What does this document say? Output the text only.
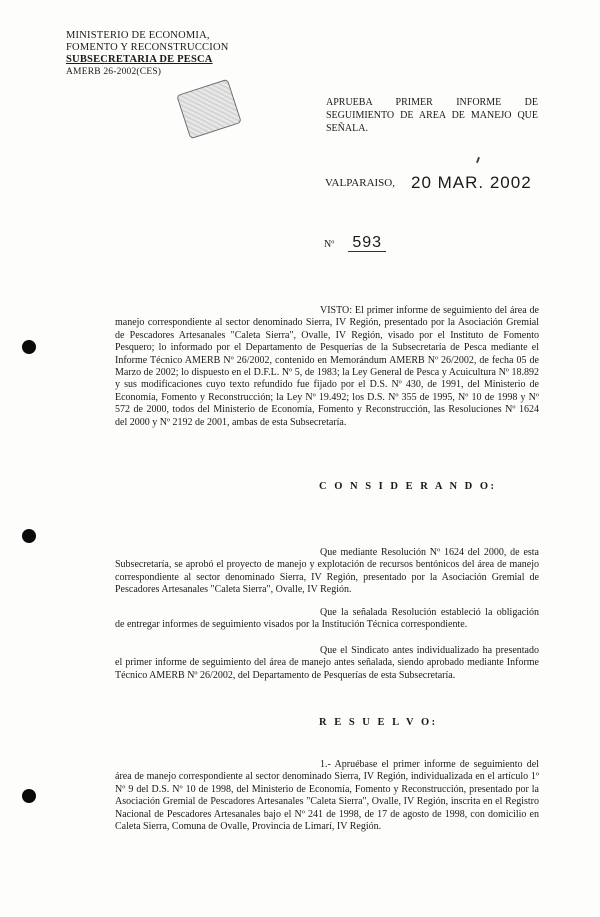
MINISTERIO DE ECONOMIA,
FOMENTO Y RECONSTRUCCION
SUBSECRETARIA DE PESCA
AMERB 26-2002(CES)
APRUEBA PRIMER INFORME DE SEGUIMIENTO DE AREA DE MANEJO QUE SEÑALA.
VALPARAISO, 20 MAR. 2002
Nº 593
VISTO: El primer informe de seguimiento del área de manejo correspondiente al sector denominado Sierra, IV Región, presentado por la Asociación Gremial de Pescadores Artesanales "Caleta Sierra", Ovalle, IV Región, visado por el Instituto de Fomento Pesquero; lo informado por el Departamento de Pesquerías de la Subsecretaría de Pesca mediante el Informe Técnico AMERB Nº 26/2002, contenido en Memorándum AMERB Nº 26/2002, de fecha 05 de Marzo de 2002; lo dispuesto en el D.F.L. Nº 5, de 1983; la Ley General de Pesca y Acuicultura Nº 18.892 y sus modificaciones cuyo texto refundido fue fijado por el D.S. Nº 430, de 1991, del Ministerio de Economía, Fomento y Reconstrucción; la Ley Nº 19.492; los D.S. Nº 355 de 1995, Nº 10 de 1998 y Nº 572 de 2000, todos del Ministerio de Economía, Fomento y Reconstrucción, las Resoluciones Nº 1624 del 2000 y Nº 2192 de 2001, ambas de esta Subsecretaría.
C O N S I D E R A N D O:
Que mediante Resolución Nº 1624 del 2000, de esta Subsecretaría, se aprobó el proyecto de manejo y explotación de recursos bentónicos del área de manejo correspondiente al sector denominado Sierra, IV Región, presentado por la Asociación Gremial de Pescadores Artesanales "Caleta Sierra", Ovalle, IV Región.
Que la señalada Resolución estableció la obligación de entregar informes de seguimiento visados por la Institución Técnica correspondiente.
Que el Sindicato antes individualizado ha presentado el primer informe de seguimiento del área de manejo antes señalada, siendo aprobado mediante Informe Técnico AMERB Nº 26/2002, del Departamento de Pesquerías de esta Subsecretaría.
R E S U E L V O:
1.- Apruébase el primer informe de seguimiento del área de manejo correspondiente al sector denominado Sierra, IV Región, individualizada en el artículo 1º Nº 9 del D.S. Nº 10 de 1998, del Ministerio de Economía, Fomento y Reconstrucción, presentado por la Asociación Gremial de Pescadores Artesanales "Caleta Sierra", Ovalle, IV Región, inscrita en el Registro Nacional de Pescadores Artesanales bajo el Nº 241 de 1998, de 17 de agosto de 1998, con domicilio en Caleta Sierra, Comuna de Ovalle, Provincia de Limarí, IV Región.
